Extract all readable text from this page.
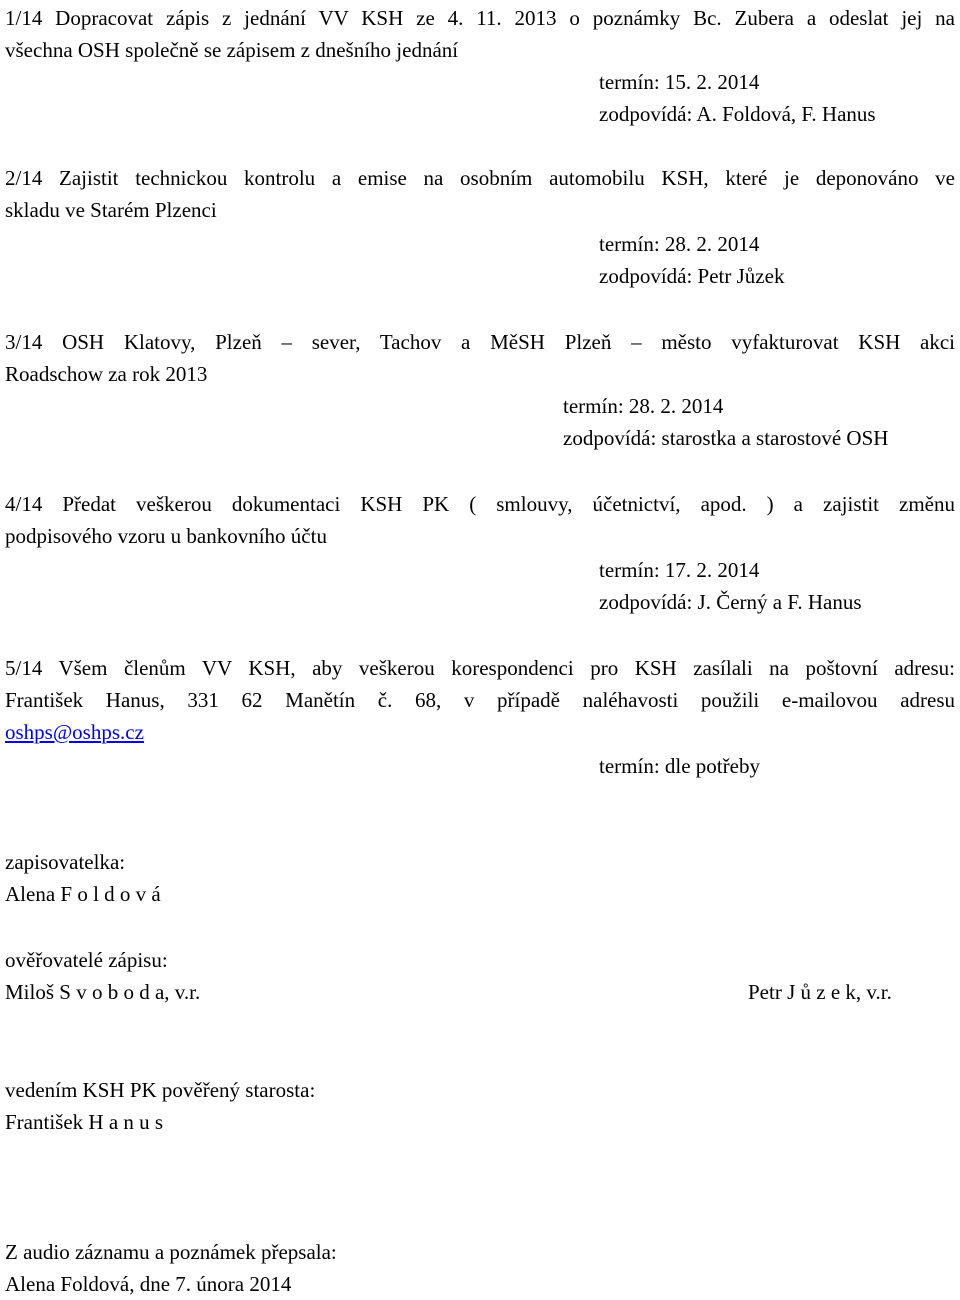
1/14 Dopracovat zápis z jednání VV KSH ze 4. 11. 2013 o poznámky Bc. Zubera a odeslat jej na
všechna OSH společně se zápisem z dnešního jednání
termín: 15. 2. 2014
zodpovídá: A. Foldová, F. Hanus
2/14 Zajistit technickou kontrolu a emise na osobním automobilu KSH, které je deponováno ve
skladu ve Starém Plzenci
termín: 28. 2. 2014
zodpovídá: Petr Jůzek
3/14 OSH Klatovy, Plzeň – sever, Tachov a MěSH Plzeň – město vyfakturovat KSH akci
Roadschow za rok 2013
termín: 28. 2. 2014
zodpovídá: starostka a starostové OSH
4/14 Předat veškerou dokumentaci KSH PK ( smlouvy, účetnictví, apod. ) a zajistit změnu
podpisového vzoru u bankovního účtu
termín: 17. 2. 2014
zodpovídá: J. Černý a F. Hanus
5/14 Všem členům VV KSH, aby veškerou korespondenci pro KSH zasílali na poštovní adresu:
František Hanus, 331 62 Manětín č. 68, v případě naléhavosti použili e-mailovou adresu
oshps@oshps.cz
termín: dle potřeby
zapisovatelka:
Alena F o l d o v á
ověřovatelé zápisu:
Miloš S v o b o d a, v.r.	Petr J ů z e k, v.r.
vedením KSH PK pověřený starosta:
František H a n u s
Z audio záznamu a poznámek přepsala:
Alena Foldová, dne 7. února 2014
